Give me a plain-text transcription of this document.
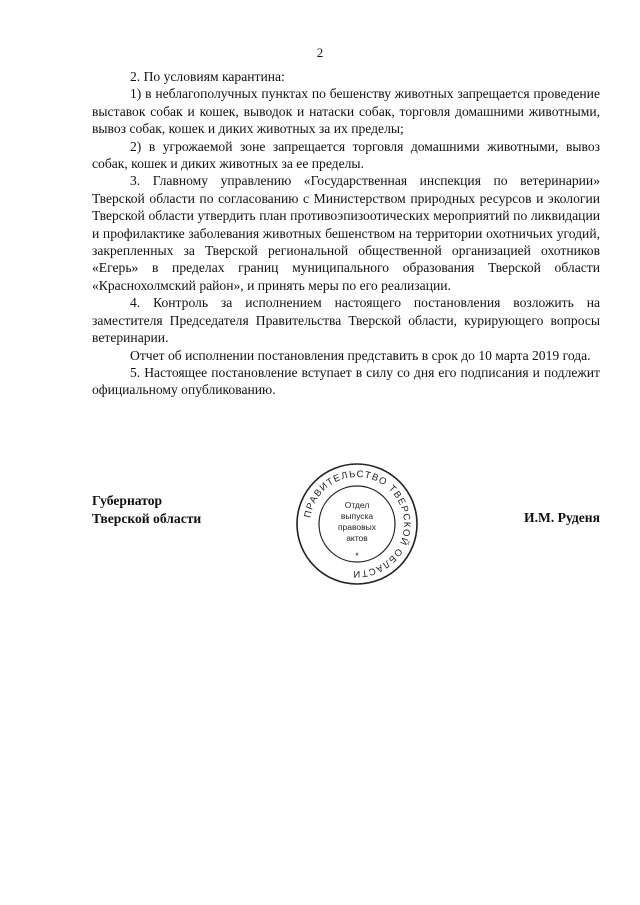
2

2. По условиям карантина:

1) в неблагополучных пунктах по бешенству животных запрещается проведение выставок собак и кошек, выводок и натаски собак, торговля домашними животными, вывоз собак, кошек и диких животных за их пределы;

2) в угрожаемой зоне запрещается торговля домашними животными, вывоз собак, кошек и диких животных за ее пределы.

3. Главному управлению «Государственная инспекция по ветеринарии» Тверской области по согласованию с Министерством природных ресурсов и экологии Тверской области утвердить план противоэпизоотических мероприятий по ликвидации и профилактике заболевания животных бешенством на территории охотничьих угодий, закрепленных за Тверской региональной общественной организацией охотников «Егерь» в пределах границ муниципального образования Тверской области «Краснохолмский район», и принять меры по его реализации.

4. Контроль за исполнением настоящего постановления возложить на заместителя Председателя Правительства Тверской области, курирующего вопросы ветеринарии.

Отчет об исполнении постановления представить в срок до 10 марта 2019 года.

5. Настоящее постановление вступает в силу со дня его подписания и подлежит официальному опубликованию.

Губернатор
Тверской области	ПРАВИТЕЛЬСТВО ТВЕРСКОЙ ОБЛАСТИ
Отдел
выпуска
правовых
актов
*
И.М. Руденя
